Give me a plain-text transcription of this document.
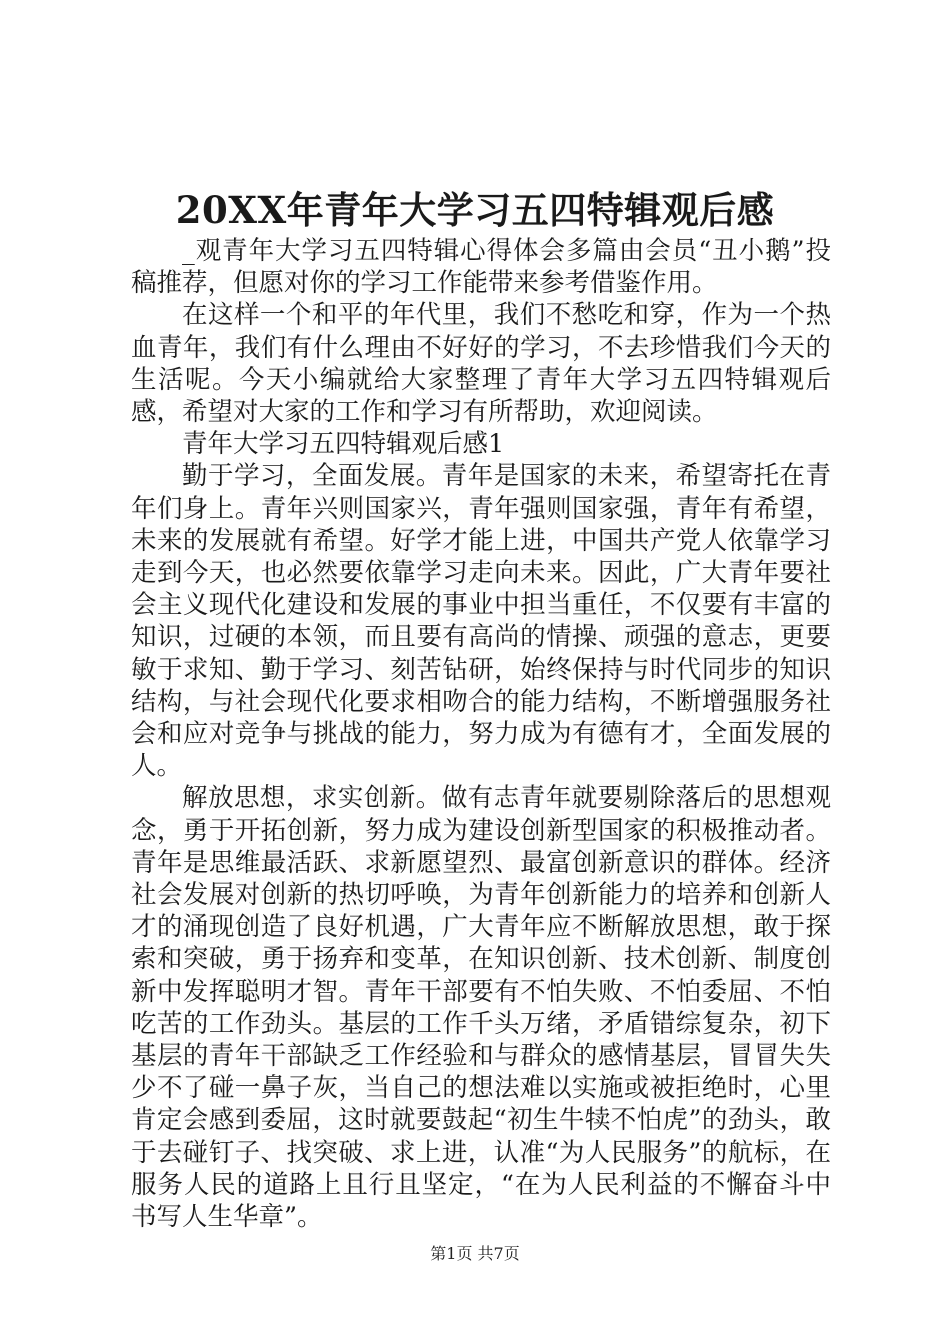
20XX年青年大学习五四特辑观后感

_观青年大学习五四特辑心得体会多篇由会员“丑小鹅”投稿推荐，但愿对你的学习工作能带来参考借鉴作用。

在这样一个和平的年代里，我们不愁吃和穿，作为一个热血青年，我们有什么理由不好好的学习，不去珍惜我们今天的生活呢。今天小编就给大家整理了青年大学习五四特辑观后感，希望对大家的工作和学习有所帮助，欢迎阅读。

青年大学习五四特辑观后感1

勤于学习，全面发展。青年是国家的未来，希望寄托在青年们身上。青年兴则国家兴，青年强则国家强，青年有希望，未来的发展就有希望。好学才能上进，中国共产党人依靠学习走到今天，也必然要依靠学习走向未来。因此，广大青年要社会主义现代化建设和发展的事业中担当重任，不仅要有丰富的知识，过硬的本领，而且要有高尚的情操、顽强的意志，更要敏于求知、勤于学习、刻苦钻研，始终保持与时代同步的知识结构，与社会现代化要求相吻合的能力结构，不断增强服务社会和应对竞争与挑战的能力，努力成为有德有才，全面发展的人。

解放思想，求实创新。做有志青年就要剔除落后的思想观念，勇于开拓创新，努力成为建设创新型国家的积极推动者。青年是思维最活跃、求新愿望烈、最富创新意识的群体。经济社会发展对创新的热切呼唤，为青年创新能力的培养和创新人才的涌现创造了良好机遇，广大青年应不断解放思想，敢于探索和突破，勇于扬弃和变革，在知识创新、技术创新、制度创新中发挥聪明才智。青年干部要有不怕失败、不怕委屈、不怕吃苦的工作劲头。基层的工作千头万绪，矛盾错综复杂，初下基层的青年干部缺乏工作经验和与群众的感情基层，冒冒失失少不了碰一鼻子灰，当自己的想法难以实施或被拒绝时，心里肯定会感到委屈，这时就要鼓起“初生牛犊不怕虎”的劲头，敢于去碰钉子、找突破、求上进，认准“为人民服务”的航标，在服务人民的道路上且行且坚定，“在为人民利益的不懈奋斗中书写人生华章”。

第1页 共7页
